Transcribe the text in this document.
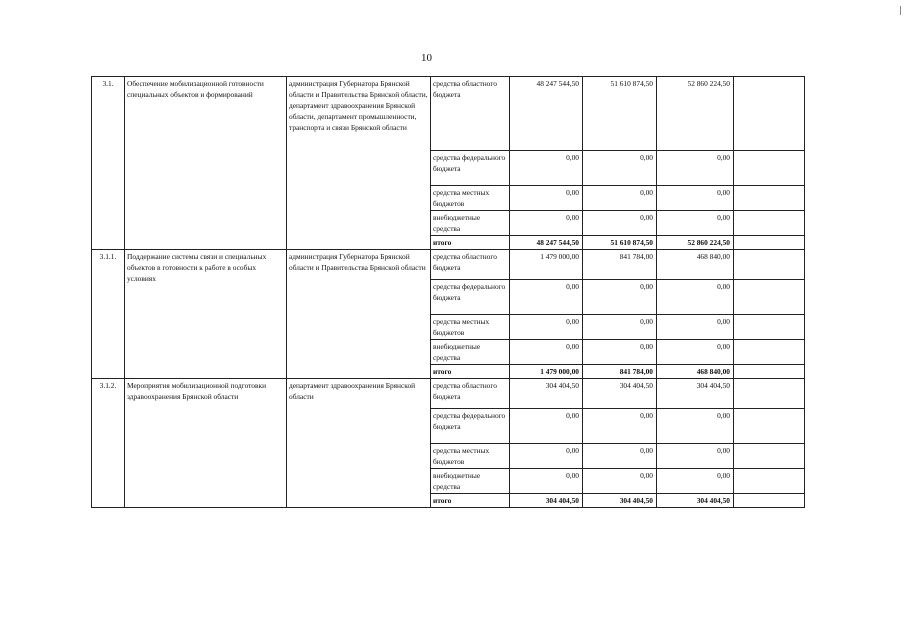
10
3.1.	Обеспечение мобилизационной готовности специальных объектов и формирований	администрация Губернатора Брянской области и Правительства Брянской области, департамент здравоохранения Брянской области, департамент промышленности, транспорта и связи Брянской области	средства областного бюджета	48 247 544,50	51 610 874,50	52 860 224,50	
			средства федерального бюджета	0,00	0,00	0,00	
			средства местных бюджетов	0,00	0,00	0,00	
			внебюджетные средства	0,00	0,00	0,00	
			итого	48 247 544,50	51 610 874,50	52 860 224,50	
3.1.1.	Поддержание системы связи и специальных объектов в готовности к работе в особых условиях	администрация Губернатора Брянской области и Правительства Брянской области	средства областного бюджета	1 479 000,00	841 784,00	468 840,00	
			средства федерального бюджета	0,00	0,00	0,00	
			средства местных бюджетов	0,00	0,00	0,00	
			внебюджетные средства	0,00	0,00	0,00	
			итого	1 479 000,00	841 784,00	468 840,00	
3.1.2.	Мероприятия мобилизационной подготовки здравоохранения Брянской области	департамент здравоохранения Брянской области	средства областного бюджета	304 404,50	304 404,50	304 404,50	
			средства федерального бюджета	0,00	0,00	0,00	
			средства местных бюджетов	0,00	0,00	0,00	
			внебюджетные средства	0,00	0,00	0,00	
			итого	304 404,50	304 404,50	304 404,50	
